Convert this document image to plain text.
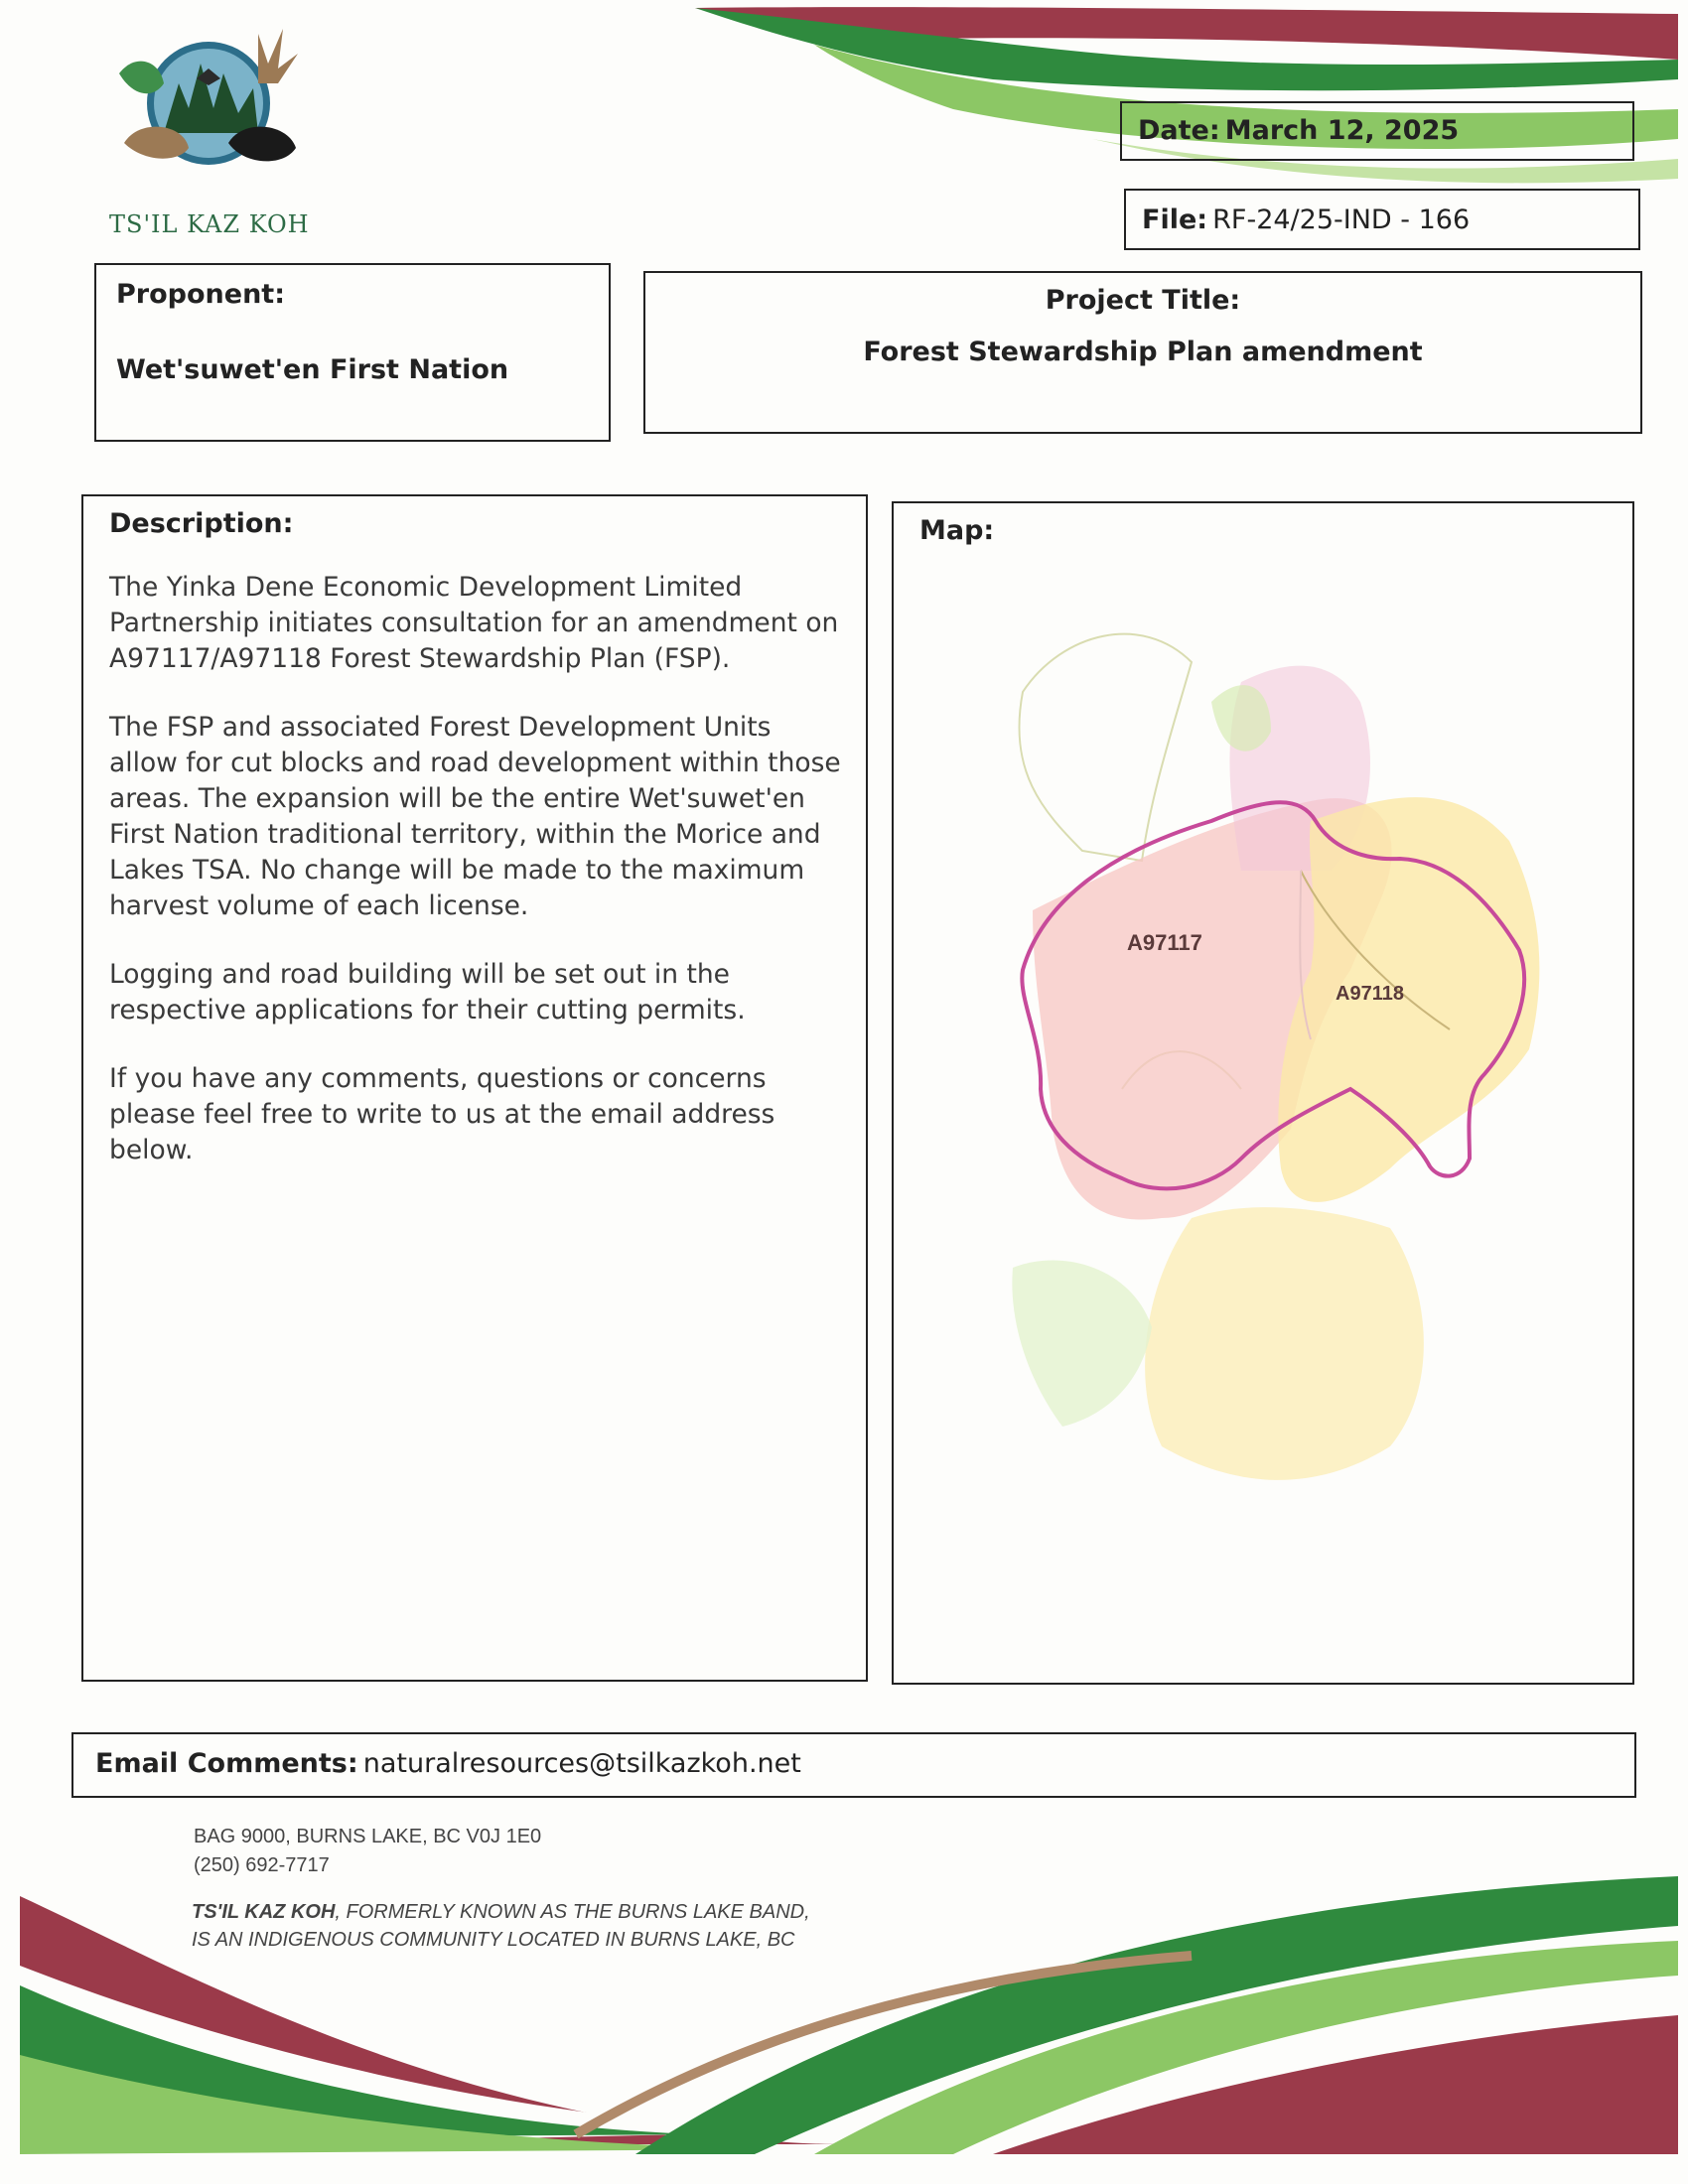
TS'IL KAZ KOH
Date: March 12, 2025
File: RF-24/25-IND - 166
Proponent:
Wet'suwet'en First Nation
Project Title:
Forest Stewardship Plan amendment
Description:

The Yinka Dene Economic Development Limited Partnership initiates consultation for an amendment on A97117/A97118 Forest Stewardship Plan (FSP).

The FSP and associated Forest Development Units allow for cut blocks and road development within those areas. The expansion will be the entire Wet'suwet'en First Nation traditional territory, within the Morice and Lakes TSA. No change will be made to the maximum harvest volume of each license.

Logging and road building will be set out in the respective applications for their cutting permits.

If you have any comments, questions or concerns please feel free to write to us at the email address below.

Map:
A97117
A97118
Email Comments: naturalresources@tsilkazkoh.net
BAG 9000, BURNS LAKE, BC V0J 1E0
(250) 692-7717
TS'IL KAZ KOH, FORMERLY KNOWN AS THE BURNS LAKE BAND,
IS AN INDIGENOUS COMMUNITY LOCATED IN BURNS LAKE, BC
